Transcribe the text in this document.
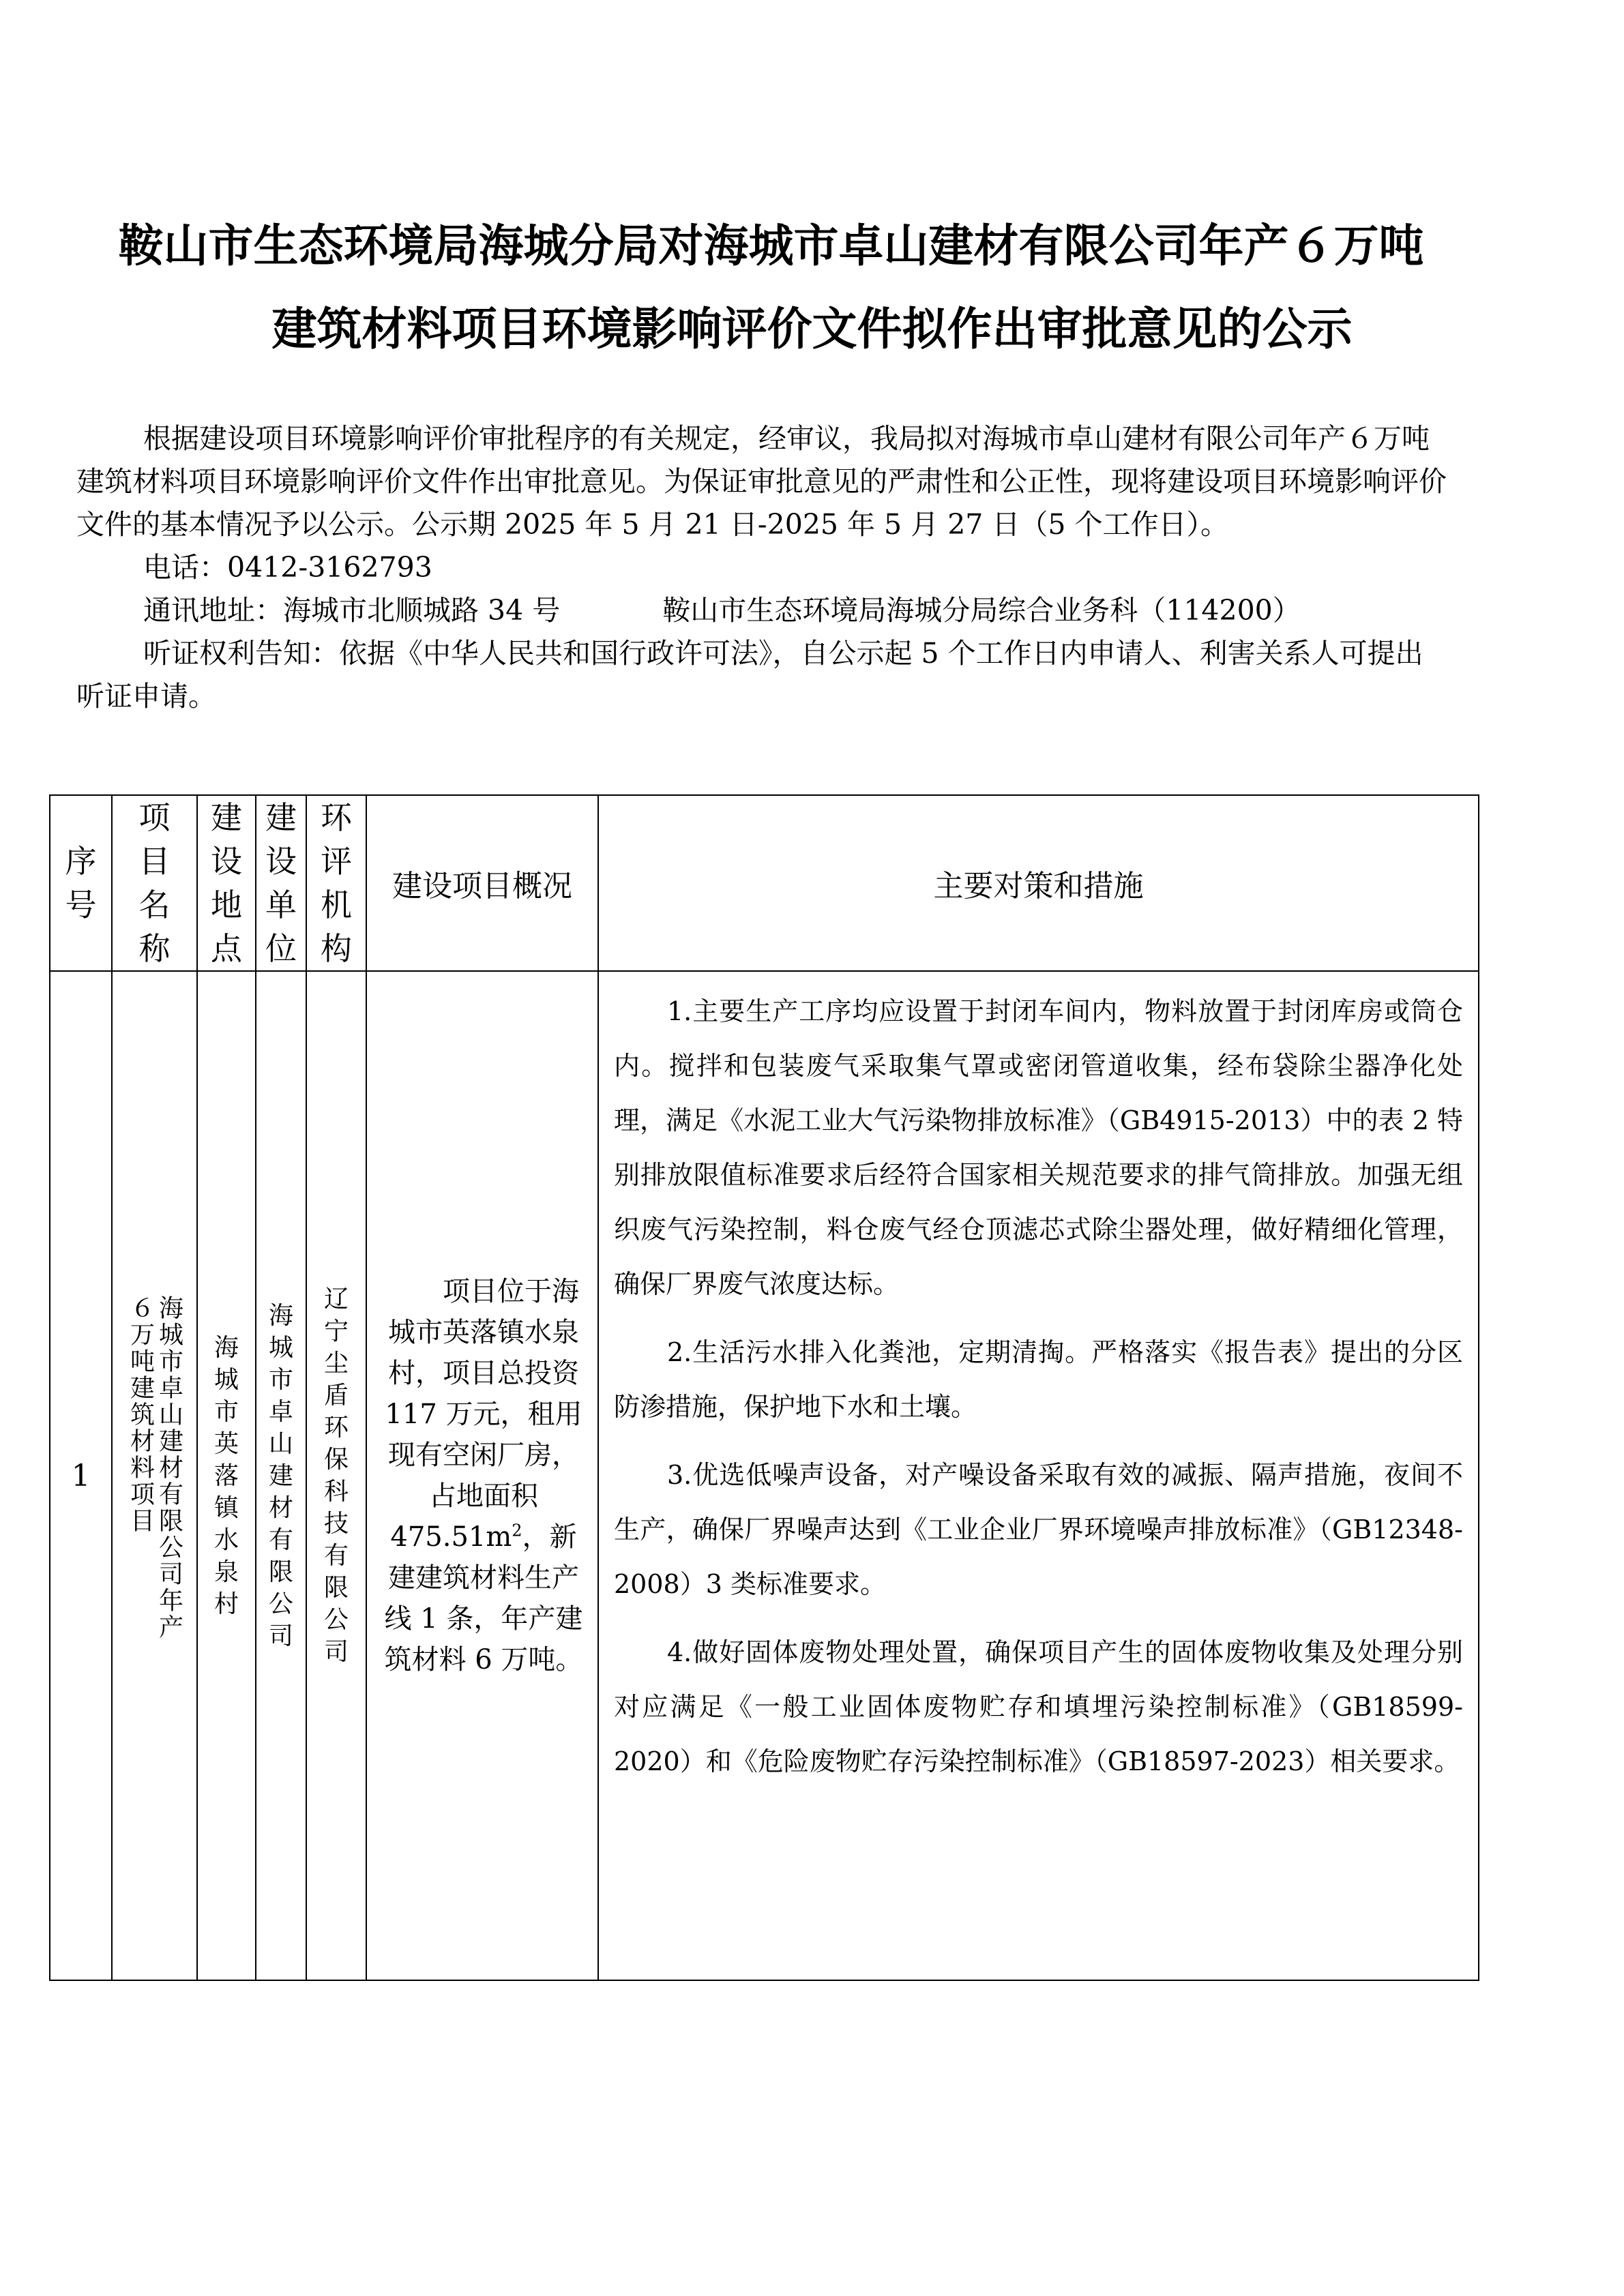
鞍山市生态环境局海城分局对海城市卓山建材有限公司年产６万吨
建筑材料项目环境影响评价文件拟作出审批意见的公示

根据建设项目环境影响评价审批程序的有关规定，经审议，我局拟对海城市卓山建材有限公司年产６万吨建筑材料项目环境影响评价文件作出审批意见。为保证审批意见的严肃性和公正性，现将建设项目环境影响评价文件的基本情况予以公示。公示期 2025 年 5 月 21 日-2025 年 5 月 27 日（5 个工作日）。

电话：0412-3162793

通讯地址：海城市北顺城路 34 号	鞍山市生态环境局海城分局综合业务科（114200）

听证权利告知：依据《中华人民共和国行政许可法》，自公示起 5 个工作日内申请人、利害关系人可提出听证申请。

序号	项目名称	建设地点	建设单位	环评机构	建设项目概况	主要对策和措施
1	海城市卓山建材有限公司年产６万吨建筑材料项目	海城市英落镇水泉村	海城市卓山建材有限公司	辽宁尘盾环保科技有限公司	项目位于海城市英落镇水泉村，项目总投资 117 万元，租用现有空闲厂房，占地面积 $475.51m^2$，新建建筑材料生产线 1 条，年产建筑材料 6 万吨。	1.主要生产工序均应设置于封闭车间内，物料放置于封闭库房或筒仓内。搅拌和包装废气采取集气罩或密闭管道收集，经布袋除尘器净化处理，满足《水泥工业大气污染物排放标准》（GB4915-2013）中的表 2 特别排放限值标准要求后经符合国家相关规范要求的排气筒排放。加强无组织废气污染控制，料仓废气经仓顶滤芯式除尘器处理，做好精细化管理，确保厂界废气浓度达标。

2.生活污水排入化粪池，定期清掏。严格落实《报告表》提出的分区防渗措施，保护地下水和土壤。

3.优选低噪声设备，对产噪设备采取有效的减振、隔声措施，夜间不生产，确保厂界噪声达到《工业企业厂界环境噪声排放标准》（GB12348-2008）3 类标准要求。

4.做好固体废物处理处置，确保项目产生的固体废物收集及处理分别对应满足《一般工业固体废物贮存和填埋污染控制标准》（GB18599-2020）和《危险废物贮存污染控制标准》（GB18597-2023）相关要求。
